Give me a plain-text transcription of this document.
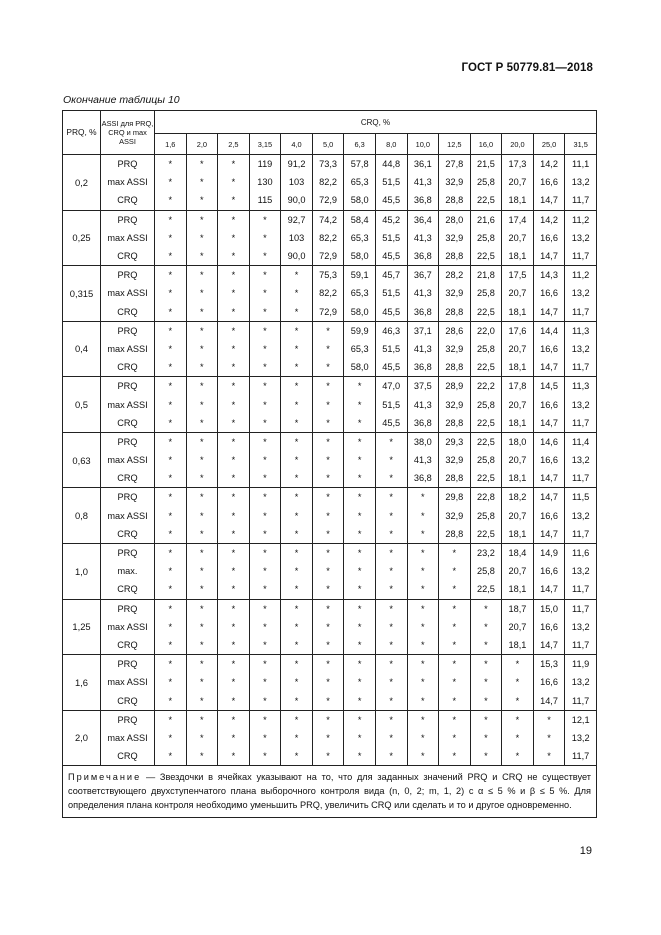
ГОСТ Р 50779.81—2018
Окончание таблицы 10
PRQ, %	ASSI для PRQ, CRQ и max ASSI	CRQ, %													
		1,6	2,0	2,5	3,15	4,0	5,0	6,3	8,0	10,0	12,5	16,0	20,0	25,0	31,5
0,2	PRQ	*	*	*	119	91,2	73,3	57,8	44,8	36,1	27,8	21,5	17,3	14,2	11,1
	max ASSI	*	*	*	130	103	82,2	65,3	51,5	41,3	32,9	25,8	20,7	16,6	13,2
	CRQ	*	*	*	115	90,0	72,9	58,0	45,5	36,8	28,8	22,5	18,1	14,7	11,7
0,25	PRQ	*	*	*	*	92,7	74,2	58,4	45,2	36,4	28,0	21,6	17,4	14,2	11,2
	max ASSI	*	*	*	*	103	82,2	65,3	51,5	41,3	32,9	25,8	20,7	16,6	13,2
	CRQ	*	*	*	*	90,0	72,9	58,0	45,5	36,8	28,8	22,5	18,1	14,7	11,7
0,315	PRQ	*	*	*	*	*	75,3	59,1	45,7	36,7	28,2	21,8	17,5	14,3	11,2
	max ASSI	*	*	*	*	*	82,2	65,3	51,5	41,3	32,9	25,8	20,7	16,6	13,2
	CRQ	*	*	*	*	*	72,9	58,0	45,5	36,8	28,8	22,5	18,1	14,7	11,7
0,4	PRQ	*	*	*	*	*	*	59,9	46,3	37,1	28,6	22,0	17,6	14,4	11,3
	max ASSI	*	*	*	*	*	*	65,3	51,5	41,3	32,9	25,8	20,7	16,6	13,2
	CRQ	*	*	*	*	*	*	58,0	45,5	36,8	28,8	22,5	18,1	14,7	11,7
0,5	PRQ	*	*	*	*	*	*	*	47,0	37,5	28,9	22,2	17,8	14,5	11,3
	max ASSI	*	*	*	*	*	*	*	51,5	41,3	32,9	25,8	20,7	16,6	13,2
	CRQ	*	*	*	*	*	*	*	45,5	36,8	28,8	22,5	18,1	14,7	11,7
0,63	PRQ	*	*	*	*	*	*	*	*	38,0	29,3	22,5	18,0	14,6	11,4
	max ASSI	*	*	*	*	*	*	*	*	41,3	32,9	25,8	20,7	16,6	13,2
	CRQ	*	*	*	*	*	*	*	*	36,8	28,8	22,5	18,1	14,7	11,7
0,8	PRQ	*	*	*	*	*	*	*	*	*	29,8	22,8	18,2	14,7	11,5
	max ASSI	*	*	*	*	*	*	*	*	*	32,9	25,8	20,7	16,6	13,2
	CRQ	*	*	*	*	*	*	*	*	*	28,8	22,5	18,1	14,7	11,7
1,0	PRQ	*	*	*	*	*	*	*	*	*	*	23,2	18,4	14,9	11,6
	max.	*	*	*	*	*	*	*	*	*	*	25,8	20,7	16,6	13,2
	CRQ	*	*	*	*	*	*	*	*	*	*	22,5	18,1	14,7	11,7
1,25	PRQ	*	*	*	*	*	*	*	*	*	*	*	18,7	15,0	11,7
	max ASSI	*	*	*	*	*	*	*	*	*	*	*	20,7	16,6	13,2
	CRQ	*	*	*	*	*	*	*	*	*	*	*	18,1	14,7	11,7
1,6	PRQ	*	*	*	*	*	*	*	*	*	*	*	*	15,3	11,9
	max ASSI	*	*	*	*	*	*	*	*	*	*	*	*	16,6	13,2
	CRQ	*	*	*	*	*	*	*	*	*	*	*	*	14,7	11,7
2,0	PRQ	*	*	*	*	*	*	*	*	*	*	*	*	*	12,1
	max ASSI	*	*	*	*	*	*	*	*	*	*	*	*	*	13,2
	CRQ	*	*	*	*	*	*	*	*	*	*	*	*	*	11,7
Примечание — Звездочки в ячейках указывают на то, что для заданных значений PRQ и CRQ не существует соответствующего двухступенчатого плана выборочного контроля вида (n, 0, 2; m, 1, 2) с α ≤ 5 % и β ≤ 5 %. Для определения плана контроля необходимо уменьшить PRQ, увеличить CRQ или сделать и то и другое одновременно.															
19
